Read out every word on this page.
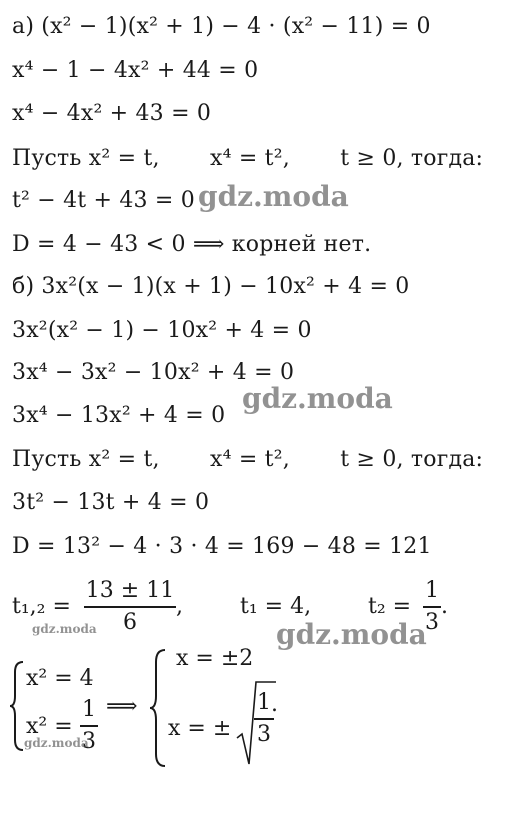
а) (x² − 1)(x² + 1) − 4 · (x² − 11) = 0
x⁴ − 1 − 4x² + 44 = 0
x⁴ − 4x² + 43 = 0
Пусть x² = t,       x⁴ = t²,       t ≥ 0, тогда:
t² − 4t + 43 = 0
D = 4 − 43 < 0 ⟹ корней нет.
б) 3x²(x − 1)(x + 1) − 10x² + 4 = 0
3x²(x² − 1) − 10x² + 4 = 0
3x⁴ − 3x² − 10x² + 4 = 0
3x⁴ − 13x² + 4 = 0
Пусть x² = t,       x⁴ = t²,       t ≥ 0, тогда:
3t² − 13t + 4 = 0
D = 13² − 4 · 3 · 4 = 169 − 48 = 121
t₁,₂ =
13 ± 11
6
,	t₁ = 4,	t₂ =
1
3
.
x² = 4
x² =
1
3
⟹
x = ±2
x = ±
1
3
.
gdz.moda
gdz.moda
gdz.moda
gdz.moda
gdz.moda
